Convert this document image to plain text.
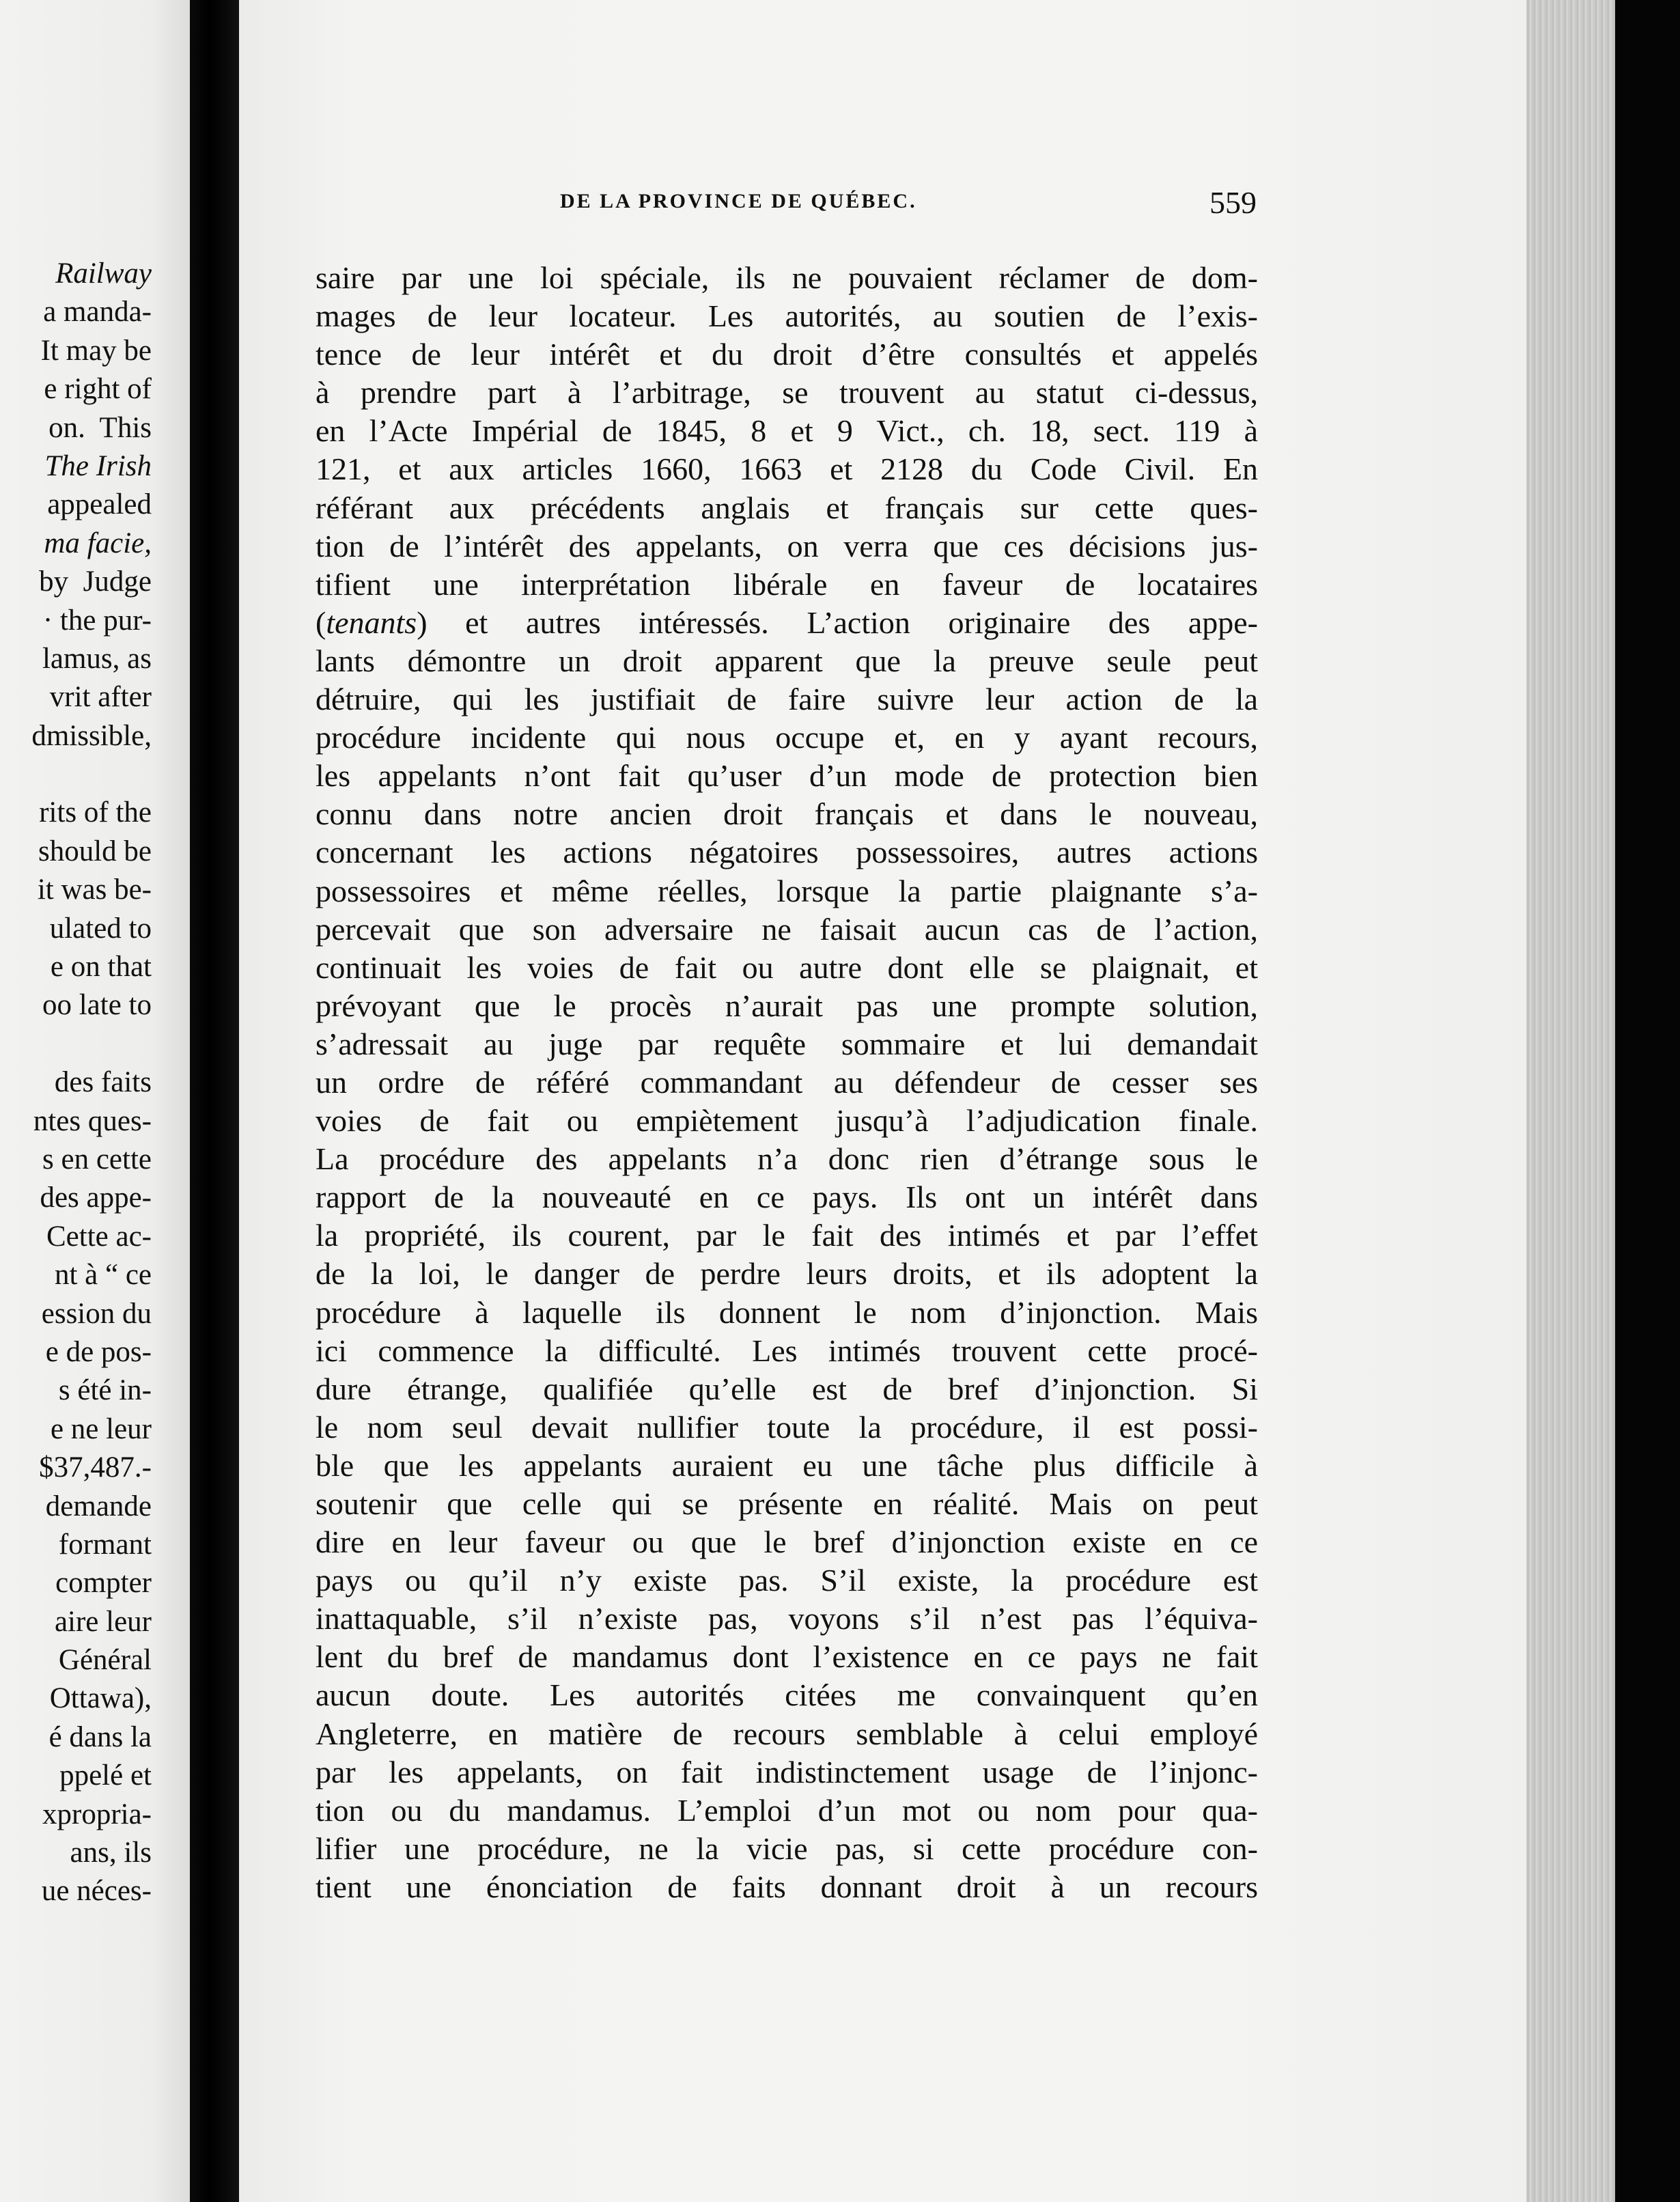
Railway
a manda-
It may be
e right of
on.  This
The Irish
appealed
ma facie,
by  Judge
· the pur-
lamus, as
vrit after
dmissible,
rits of the
should be
it was be-
ulated to
e on that
oo late to
des faits
ntes ques-
s en cette
des appe-
Cette ac-
nt à “ ce
ession du
e de pos-
s été in-
e ne leur
$37,487.-
demande
formant
compter
aire leur
Général
Ottawa),
é dans la
ppelé et
xpropria-
ans, ils
ue néces-
DE LA PROVINCE DE QUÉBEC.	559
saire par une loi spéciale, ils ne pouvaient réclamer de dom-
mages de leur locateur. Les autorités, au soutien de l’exis-
tence de leur intérêt et du droit d’être consultés et appelés
à prendre part à l’arbitrage, se trouvent au statut ci-dessus,
en l’Acte Impérial de 1845, 8 et 9 Vict., ch. 18, sect. 119 à
121, et aux articles 1660, 1663 et 2128 du Code Civil. En
référant aux précédents anglais et français sur cette ques-
tion de l’intérêt des appelants, on verra que ces décisions jus-
tifient une interprétation libérale en faveur de locataires
(tenants) et autres intéressés. L’action originaire des appe-
lants démontre un droit apparent que la preuve seule peut
détruire, qui les justifiait de faire suivre leur action de la
procédure incidente qui nous occupe et, en y ayant recours,
les appelants n’ont fait qu’user d’un mode de protection bien
connu dans notre ancien droit français et dans le nouveau,
concernant les actions négatoires possessoires, autres actions
possessoires et même réelles, lorsque la partie plaignante s’a-
percevait que son adversaire ne faisait aucun cas de l’action,
continuait les voies de fait ou autre dont elle se plaignait, et
prévoyant que le procès n’aurait pas une prompte solution,
s’adressait au juge par requête sommaire et lui demandait
un ordre de référé commandant au défendeur de cesser ses
voies de fait ou empiètement jusqu’à l’adjudication finale.
La procédure des appelants n’a donc rien d’étrange sous le
rapport de la nouveauté en ce pays. Ils ont un intérêt dans
la propriété, ils courent, par le fait des intimés et par l’effet
de la loi, le danger de perdre leurs droits, et ils adoptent la
procédure à laquelle ils donnent le nom d’injonction. Mais
ici commence la difficulté. Les intimés trouvent cette procé-
dure étrange, qualifiée qu’elle est de bref d’injonction. Si
le nom seul devait nullifier toute la procédure, il est possi-
ble que les appelants auraient eu une tâche plus difficile à
soutenir que celle qui se présente en réalité. Mais on peut
dire en leur faveur ou que le bref d’injonction existe en ce
pays ou qu’il n’y existe pas. S’il existe, la procédure est
inattaquable, s’il n’existe pas, voyons s’il n’est pas l’équiva-
lent du bref de mandamus dont l’existence en ce pays ne fait
aucun doute. Les autorités citées me convainquent qu’en
Angleterre, en matière de recours semblable à celui employé
par les appelants, on fait indistinctement usage de l’injonc-
tion ou du mandamus. L’emploi d’un mot ou nom pour qua-
lifier une procédure, ne la vicie pas, si cette procédure con-
tient une énonciation de faits donnant droit à un recours
